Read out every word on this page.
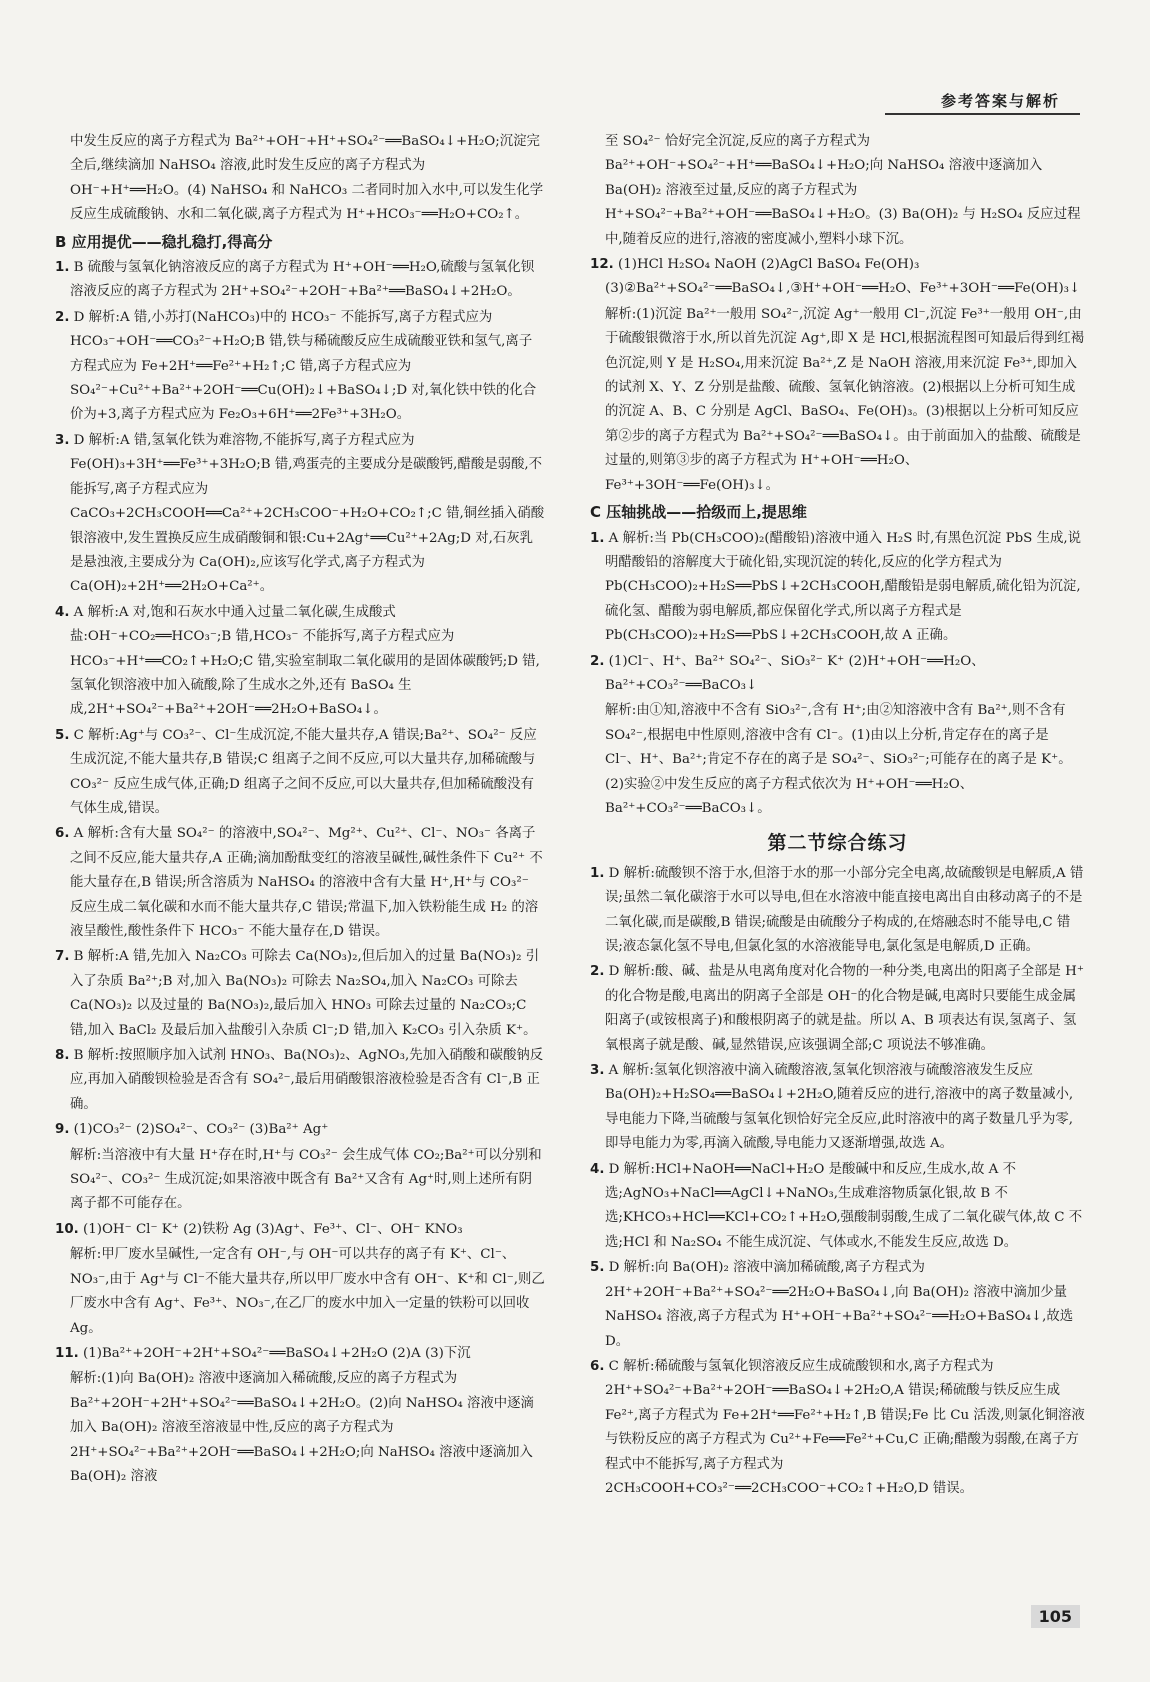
参考答案与解析
中发生反应的离子方程式为 Ba²⁺+OH⁻+H⁺+SO₄²⁻══BaSO₄↓+H₂O;沉淀完全后,继续滴加 NaHSO₄ 溶液,此时发生反应的离子方程式为 OH⁻+H⁺══H₂O。(4) NaHSO₄ 和 NaHCO₃ 二者同时加入水中,可以发生化学反应生成硫酸钠、水和二氧化碳,离子方程式为 H⁺+HCO₃⁻══H₂O+CO₂↑。
B 应用提优——稳扎稳打,得高分
1. B 硫酸与氢氧化钠溶液反应的离子方程式为 H⁺+OH⁻══H₂O,硫酸与氢氧化钡溶液反应的离子方程式为 2H⁺+SO₄²⁻+2OH⁻+Ba²⁺══BaSO₄↓+2H₂O。
2. D 解析:A 错,小苏打(NaHCO₃)中的 HCO₃⁻ 不能拆写,离子方程式应为 HCO₃⁻+OH⁻══CO₃²⁻+H₂O;B 错,铁与稀硫酸反应生成硫酸亚铁和氢气,离子方程式应为 Fe+2H⁺══Fe²⁺+H₂↑;C 错,离子方程式应为 SO₄²⁻+Cu²⁺+Ba²⁺+2OH⁻══Cu(OH)₂↓+BaSO₄↓;D 对,氧化铁中铁的化合价为+3,离子方程式应为 Fe₂O₃+6H⁺══2Fe³⁺+3H₂O。
3. D 解析:A 错,氢氧化铁为难溶物,不能拆写,离子方程式应为 Fe(OH)₃+3H⁺══Fe³⁺+3H₂O;B 错,鸡蛋壳的主要成分是碳酸钙,醋酸是弱酸,不能拆写,离子方程式应为 CaCO₃+2CH₃COOH══Ca²⁺+2CH₃COO⁻+H₂O+CO₂↑;C 错,铜丝插入硝酸银溶液中,发生置换反应生成硝酸铜和银:Cu+2Ag⁺══Cu²⁺+2Ag;D 对,石灰乳是悬浊液,主要成分为 Ca(OH)₂,应该写化学式,离子方程式为 Ca(OH)₂+2H⁺══2H₂O+Ca²⁺。
4. A 解析:A 对,饱和石灰水中通入过量二氧化碳,生成酸式盐:OH⁻+CO₂══HCO₃⁻;B 错,HCO₃⁻ 不能拆写,离子方程式应为 HCO₃⁻+H⁺══CO₂↑+H₂O;C 错,实验室制取二氧化碳用的是固体碳酸钙;D 错,氢氧化钡溶液中加入硫酸,除了生成水之外,还有 BaSO₄ 生成,2H⁺+SO₄²⁻+Ba²⁺+2OH⁻══2H₂O+BaSO₄↓。
5. C 解析:Ag⁺与 CO₃²⁻、Cl⁻生成沉淀,不能大量共存,A 错误;Ba²⁺、SO₄²⁻ 反应生成沉淀,不能大量共存,B 错误;C 组离子之间不反应,可以大量共存,加稀硫酸与 CO₃²⁻ 反应生成气体,正确;D 组离子之间不反应,可以大量共存,但加稀硫酸没有气体生成,错误。
6. A 解析:含有大量 SO₄²⁻ 的溶液中,SO₄²⁻、Mg²⁺、Cu²⁺、Cl⁻、NO₃⁻ 各离子之间不反应,能大量共存,A 正确;滴加酚酞变红的溶液呈碱性,碱性条件下 Cu²⁺ 不能大量存在,B 错误;所含溶质为 NaHSO₄ 的溶液中含有大量 H⁺,H⁺与 CO₃²⁻ 反应生成二氧化碳和水而不能大量共存,C 错误;常温下,加入铁粉能生成 H₂ 的溶液呈酸性,酸性条件下 HCO₃⁻ 不能大量存在,D 错误。
7. B 解析:A 错,先加入 Na₂CO₃ 可除去 Ca(NO₃)₂,但后加入的过量 Ba(NO₃)₂ 引入了杂质 Ba²⁺;B 对,加入 Ba(NO₃)₂ 可除去 Na₂SO₄,加入 Na₂CO₃ 可除去 Ca(NO₃)₂ 以及过量的 Ba(NO₃)₂,最后加入 HNO₃ 可除去过量的 Na₂CO₃;C 错,加入 BaCl₂ 及最后加入盐酸引入杂质 Cl⁻;D 错,加入 K₂CO₃ 引入杂质 K⁺。
8. B 解析:按照顺序加入试剂 HNO₃、Ba(NO₃)₂、AgNO₃,先加入硝酸和碳酸钠反应,再加入硝酸钡检验是否含有 SO₄²⁻,最后用硝酸银溶液检验是否含有 Cl⁻,B 正确。
9. (1)CO₃²⁻ (2)SO₄²⁻、CO₃²⁻ (3)Ba²⁺ Ag⁺
解析:当溶液中有大量 H⁺存在时,H⁺与 CO₃²⁻ 会生成气体 CO₂;Ba²⁺可以分别和 SO₄²⁻、CO₃²⁻ 生成沉淀;如果溶液中既含有 Ba²⁺又含有 Ag⁺时,则上述所有阴离子都不可能存在。
10. (1)OH⁻ Cl⁻ K⁺ (2)铁粉 Ag (3)Ag⁺、Fe³⁺、Cl⁻、OH⁻ KNO₃
解析:甲厂废水呈碱性,一定含有 OH⁻,与 OH⁻可以共存的离子有 K⁺、Cl⁻、NO₃⁻,由于 Ag⁺与 Cl⁻不能大量共存,所以甲厂废水中含有 OH⁻、K⁺和 Cl⁻,则乙厂废水中含有 Ag⁺、Fe³⁺、NO₃⁻,在乙厂的废水中加入一定量的铁粉可以回收 Ag。
11. (1)Ba²⁺+2OH⁻+2H⁺+SO₄²⁻══BaSO₄↓+2H₂O (2)A (3)下沉
解析:(1)向 Ba(OH)₂ 溶液中逐滴加入稀硫酸,反应的离子方程式为 Ba²⁺+2OH⁻+2H⁺+SO₄²⁻══BaSO₄↓+2H₂O。(2)向 NaHSO₄ 溶液中逐滴加入 Ba(OH)₂ 溶液至溶液显中性,反应的离子方程式为 2H⁺+SO₄²⁻+Ba²⁺+2OH⁻══BaSO₄↓+2H₂O;向 NaHSO₄ 溶液中逐滴加入 Ba(OH)₂ 溶液
至 SO₄²⁻ 恰好完全沉淀,反应的离子方程式为 Ba²⁺+OH⁻+SO₄²⁻+H⁺══BaSO₄↓+H₂O;向 NaHSO₄ 溶液中逐滴加入 Ba(OH)₂ 溶液至过量,反应的离子方程式为 H⁺+SO₄²⁻+Ba²⁺+OH⁻══BaSO₄↓+H₂O。(3) Ba(OH)₂ 与 H₂SO₄ 反应过程中,随着反应的进行,溶液的密度减小,塑料小球下沉。
12. (1)HCl H₂SO₄ NaOH (2)AgCl BaSO₄ Fe(OH)₃ (3)②Ba²⁺+SO₄²⁻══BaSO₄↓,③H⁺+OH⁻══H₂O、Fe³⁺+3OH⁻══Fe(OH)₃↓
解析:(1)沉淀 Ba²⁺一般用 SO₄²⁻,沉淀 Ag⁺一般用 Cl⁻,沉淀 Fe³⁺一般用 OH⁻,由于硫酸银微溶于水,所以首先沉淀 Ag⁺,即 X 是 HCl,根据流程图可知最后得到红褐色沉淀,则 Y 是 H₂SO₄,用来沉淀 Ba²⁺,Z 是 NaOH 溶液,用来沉淀 Fe³⁺,即加入的试剂 X、Y、Z 分别是盐酸、硫酸、氢氧化钠溶液。(2)根据以上分析可知生成的沉淀 A、B、C 分别是 AgCl、BaSO₄、Fe(OH)₃。(3)根据以上分析可知反应第②步的离子方程式为 Ba²⁺+SO₄²⁻══BaSO₄↓。由于前面加入的盐酸、硫酸是过量的,则第③步的离子方程式为 H⁺+OH⁻══H₂O、Fe³⁺+3OH⁻══Fe(OH)₃↓。
C 压轴挑战——拾级而上,提思维
1. A 解析:当 Pb(CH₃COO)₂(醋酸铅)溶液中通入 H₂S 时,有黑色沉淀 PbS 生成,说明醋酸铅的溶解度大于硫化铅,实现沉淀的转化,反应的化学方程式为 Pb(CH₃COO)₂+H₂S══PbS↓+2CH₃COOH,醋酸铅是弱电解质,硫化铅为沉淀,硫化氢、醋酸为弱电解质,都应保留化学式,所以离子方程式是 Pb(CH₃COO)₂+H₂S══PbS↓+2CH₃COOH,故 A 正确。
2. (1)Cl⁻、H⁺、Ba²⁺ SO₄²⁻、SiO₃²⁻ K⁺ (2)H⁺+OH⁻══H₂O、Ba²⁺+CO₃²⁻══BaCO₃↓
解析:由①知,溶液中不含有 SiO₃²⁻,含有 H⁺;由②知溶液中含有 Ba²⁺,则不含有 SO₄²⁻,根据电中性原则,溶液中含有 Cl⁻。(1)由以上分析,肯定存在的离子是 Cl⁻、H⁺、Ba²⁺;肯定不存在的离子是 SO₄²⁻、SiO₃²⁻;可能存在的离子是 K⁺。(2)实验②中发生反应的离子方程式依次为 H⁺+OH⁻══H₂O、Ba²⁺+CO₃²⁻══BaCO₃↓。
第二节综合练习
1. D 解析:硫酸钡不溶于水,但溶于水的那一小部分完全电离,故硫酸钡是电解质,A 错误;虽然二氧化碳溶于水可以导电,但在水溶液中能直接电离出自由移动离子的不是二氧化碳,而是碳酸,B 错误;硫酸是由硫酸分子构成的,在熔融态时不能导电,C 错误;液态氯化氢不导电,但氯化氢的水溶液能导电,氯化氢是电解质,D 正确。
2. D 解析:酸、碱、盐是从电离角度对化合物的一种分类,电离出的阳离子全部是 H⁺的化合物是酸,电离出的阴离子全部是 OH⁻的化合物是碱,电离时只要能生成金属阳离子(或铵根离子)和酸根阴离子的就是盐。所以 A、B 项表达有误,氢离子、氢氧根离子就是酸、碱,显然错误,应该强调全部;C 项说法不够准确。
3. A 解析:氢氧化钡溶液中滴入硫酸溶液,氢氧化钡溶液与硫酸溶液发生反应 Ba(OH)₂+H₂SO₄══BaSO₄↓+2H₂O,随着反应的进行,溶液中的离子数量减小,导电能力下降,当硫酸与氢氧化钡恰好完全反应,此时溶液中的离子数量几乎为零,即导电能力为零,再滴入硫酸,导电能力又逐渐增强,故选 A。
4. D 解析:HCl+NaOH══NaCl+H₂O 是酸碱中和反应,生成水,故 A 不选;AgNO₃+NaCl══AgCl↓+NaNO₃,生成难溶物质氯化银,故 B 不选;KHCO₃+HCl══KCl+CO₂↑+H₂O,强酸制弱酸,生成了二氧化碳气体,故 C 不选;HCl 和 Na₂SO₄ 不能生成沉淀、气体或水,不能发生反应,故选 D。
5. D 解析:向 Ba(OH)₂ 溶液中滴加稀硫酸,离子方程式为 2H⁺+2OH⁻+Ba²⁺+SO₄²⁻══2H₂O+BaSO₄↓,向 Ba(OH)₂ 溶液中滴加少量 NaHSO₄ 溶液,离子方程式为 H⁺+OH⁻+Ba²⁺+SO₄²⁻══H₂O+BaSO₄↓,故选 D。
6. C 解析:稀硫酸与氢氧化钡溶液反应生成硫酸钡和水,离子方程式为 2H⁺+SO₄²⁻+Ba²⁺+2OH⁻══BaSO₄↓+2H₂O,A 错误;稀硫酸与铁反应生成 Fe²⁺,离子方程式为 Fe+2H⁺══Fe²⁺+H₂↑,B 错误;Fe 比 Cu 活泼,则氯化铜溶液与铁粉反应的离子方程式为 Cu²⁺+Fe══Fe²⁺+Cu,C 正确;醋酸为弱酸,在离子方程式中不能拆写,离子方程式为 2CH₃COOH+CO₃²⁻══2CH₃COO⁻+CO₂↑+H₂O,D 错误。
105
